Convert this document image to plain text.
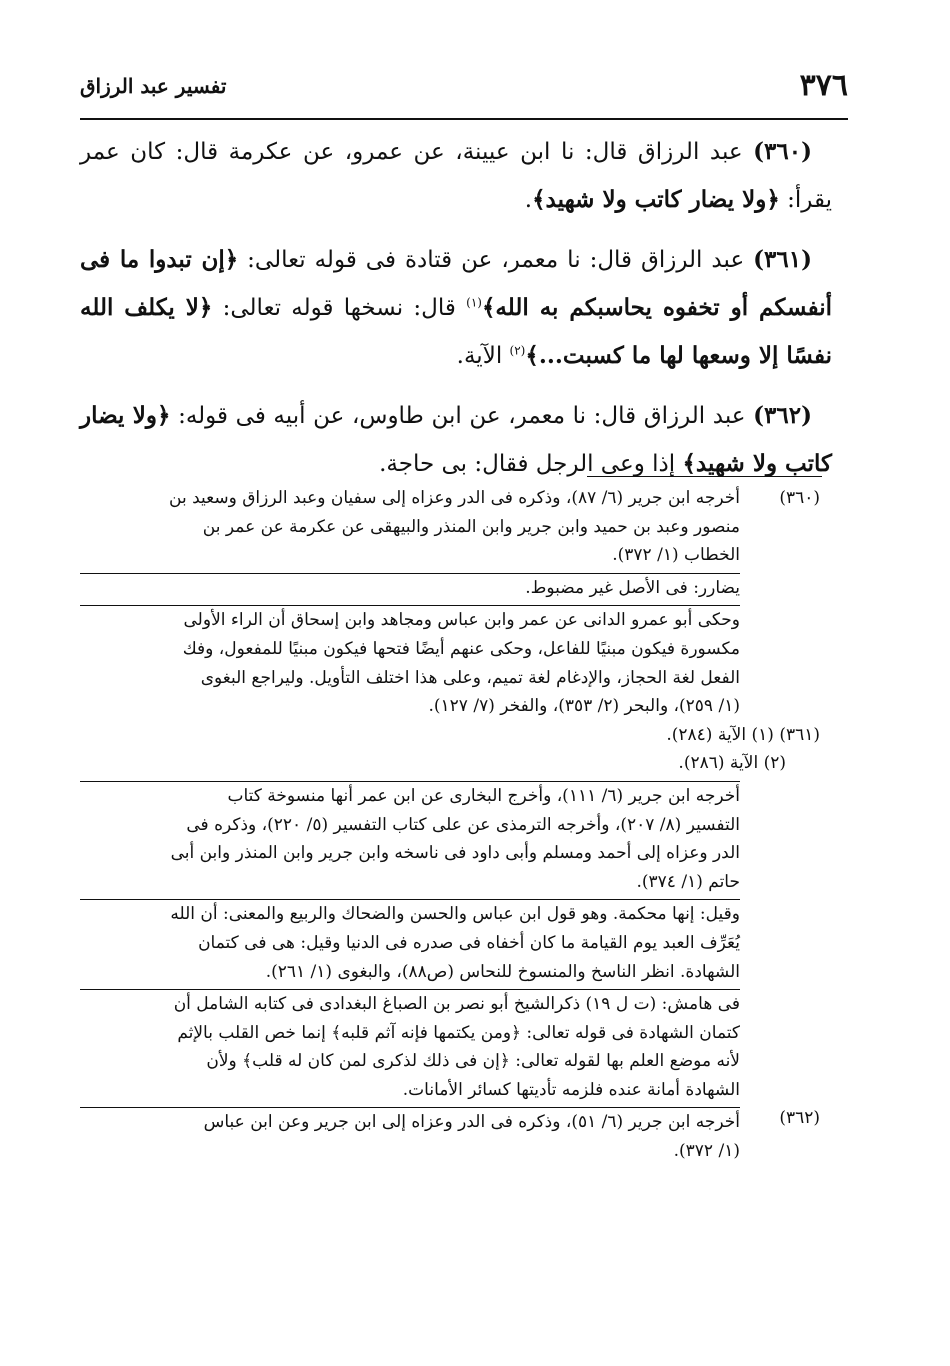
٣٧٦
تفسير عبد الرزاق

(٣٦٠) عبد الرزاق قال: نا ابن عيينة، عن عمرو، عن عكرمة قال: كان عمر يقرأ: ﴿ولا يضار كاتب ولا شهيد﴾.

(٣٦١) عبد الرزاق قال: نا معمر، عن قتادة فى قوله تعالى: ﴿إن تبدوا ما فى أنفسكم أو تخفوه يحاسبكم به الله﴾$^{(١)}$ قال: نسخها قوله تعالى: ﴿لا يكلف الله نفسًا إلا وسعها لها ما كسبت...﴾$^{(٢)}$ الآية.

(٣٦٢) عبد الرزاق قال: نا معمر، عن ابن طاوس، عن أبيه فى قوله: ﴿ولا يضار كاتب ولا شهيد﴾ إذا وعى الرجل فقال: بى حاجة.

(٣٦٠)
أخرجه ابن جرير (٦/ ٨٧)، وذكره فى الدر وعزاه إلى سفيان وعبد الرزاق وسعيد بن
منصور وعبد بن حميد وابن جرير وابن المنذر والبيهقى عن عكرمة عن عمر بن
الخطاب (١/ ٣٧٢).
يضارر: فى الأصل غير مضبوط.
وحكى أبو عمرو الدانى عن عمر وابن عباس ومجاهد وابن إسحاق أن الراء الأولى
مكسورة فيكون مبنيًا للفاعل، وحكى عنهم أيضًا فتحها فيكون مبنيًا للمفعول، وفك
الفعل لغة الحجاز، والإدغام لغة تميم، وعلى هذا اختلف التأويل. وليراجع البغوى
(١/ ٢٥٩)، والبحر (٢/ ٣٥٣)، والفخر (٧/ ١٢٧).
(٣٦١) (١) الآية (٢٨٤).
(٢) الآية (٢٨٦).
أخرجه ابن جرير (٦/ ١١١)، وأخرج البخارى عن ابن عمر أنها منسوخة كتاب
التفسير (٨/ ٢٠٧)، وأخرجه الترمذى عن على كتاب التفسير (٥/ ٢٢٠)، وذكره فى
الدر وعزاه إلى أحمد ومسلم وأبى داود فى ناسخه وابن جرير وابن المنذر وابن أبى
حاتم (١/ ٣٧٤).
وقيل: إنها محكمة. وهو قول ابن عباس والحسن والضحاك والربيع والمعنى: أن الله
يُعَرِّف العبد يوم القيامة ما كان أخفاه فى صدره فى الدنيا وقيل: هى فى كتمان
الشهادة. انظر الناسخ والمنسوخ للنحاس (ص٨٨)، والبغوى (١/ ٢٦١).
فى هامش: (ت ل ١٩) ذكرالشيخ أبو نصر بن الصباغ البغدادى فى كتابه الشامل أن
كتمان الشهادة فى قوله تعالى: ﴿ومن يكتمها فإنه آثم قلبه﴾ إنما خص القلب بالإثم
لأنه موضع العلم بها لقوله تعالى: ﴿إن فى ذلك لذكرى لمن كان له قلب﴾ ولأن
الشهادة أمانة عنده فلزمه تأديتها كسائر الأمانات.
(٣٦٢)
أخرجه ابن جرير (٦/ ٥١)، وذكره فى الدر وعزاه إلى ابن جرير وعن ابن عباس
(١/ ٣٧٢).
